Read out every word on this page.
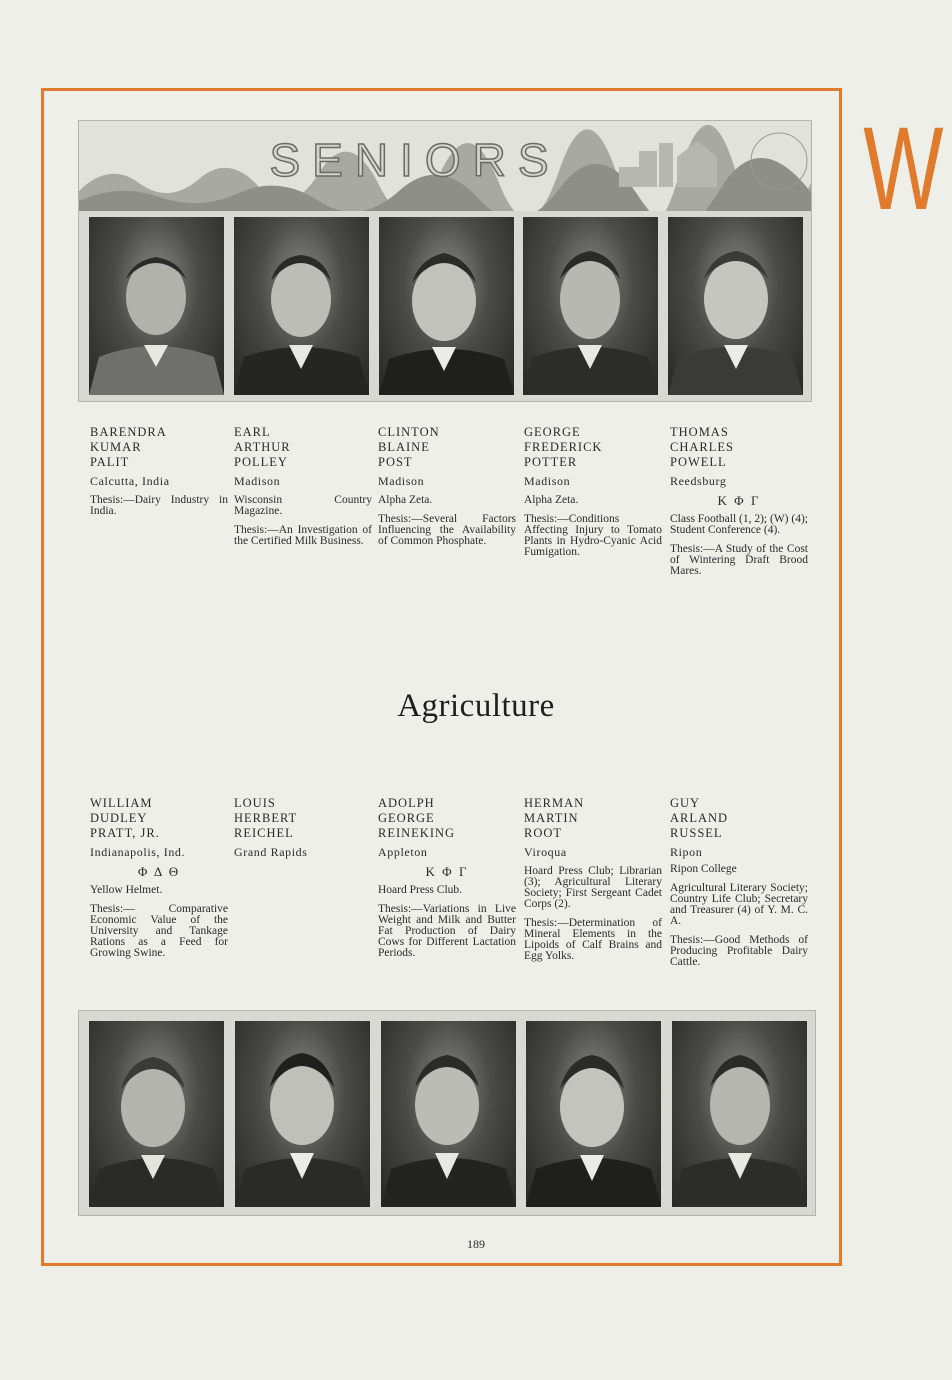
W
SENIORS
BARENDRA
KUMAR
PALIT
Calcutta, India

Thesis:—Dairy Industry in India.

EARL
ARTHUR
POLLEY
Madison

Wisconsin Country Magazine.

Thesis:—An Investigation of the Certified Milk Business.

CLINTON
BLAINE
POST
Madison

Alpha Zeta.

Thesis:—Several Factors Influencing the Availability of Common Phosphate.

GEORGE
FREDERICK
POTTER
Madison

Alpha Zeta.

Thesis:—Conditions Affecting Injury to Tomato Plants in Hydro-Cyanic Acid Fumigation.

THOMAS
CHARLES
POWELL
Reedsburg
Κ Φ Γ

Class Football (1, 2); (W) (4); Student Conference (4).

Thesis:—A Study of the Cost of Wintering Draft Brood Mares.

Agriculture
WILLIAM
DUDLEY
PRATT, JR.
Indianapolis, Ind.
Φ Δ Θ

Yellow Helmet.

Thesis:— Comparative Economic Value of the University and Tankage Rations as a Feed for Growing Swine.

LOUIS
HERBERT
REICHEL
Grand Rapids
ADOLPH
GEORGE
REINEKING
Appleton
Κ Φ Γ

Hoard Press Club.

Thesis:—Variations in Live Weight and Milk and Butter Fat Production of Dairy Cows for Different Lactation Periods.

HERMAN
MARTIN
ROOT
Viroqua

Hoard Press Club; Librarian (3); Agricultural Literary Society; First Sergeant Cadet Corps (2).

Thesis:—Determination of Mineral Elements in the Lipoids of Calf Brains and Egg Yolks.

GUY
ARLAND
RUSSEL
Ripon

Ripon College

Agricultural Literary Society; Country Life Club; Secretary and Treasurer (4) of Y. M. C. A.

Thesis:—Good Methods of Producing Profitable Dairy Cattle.

189
